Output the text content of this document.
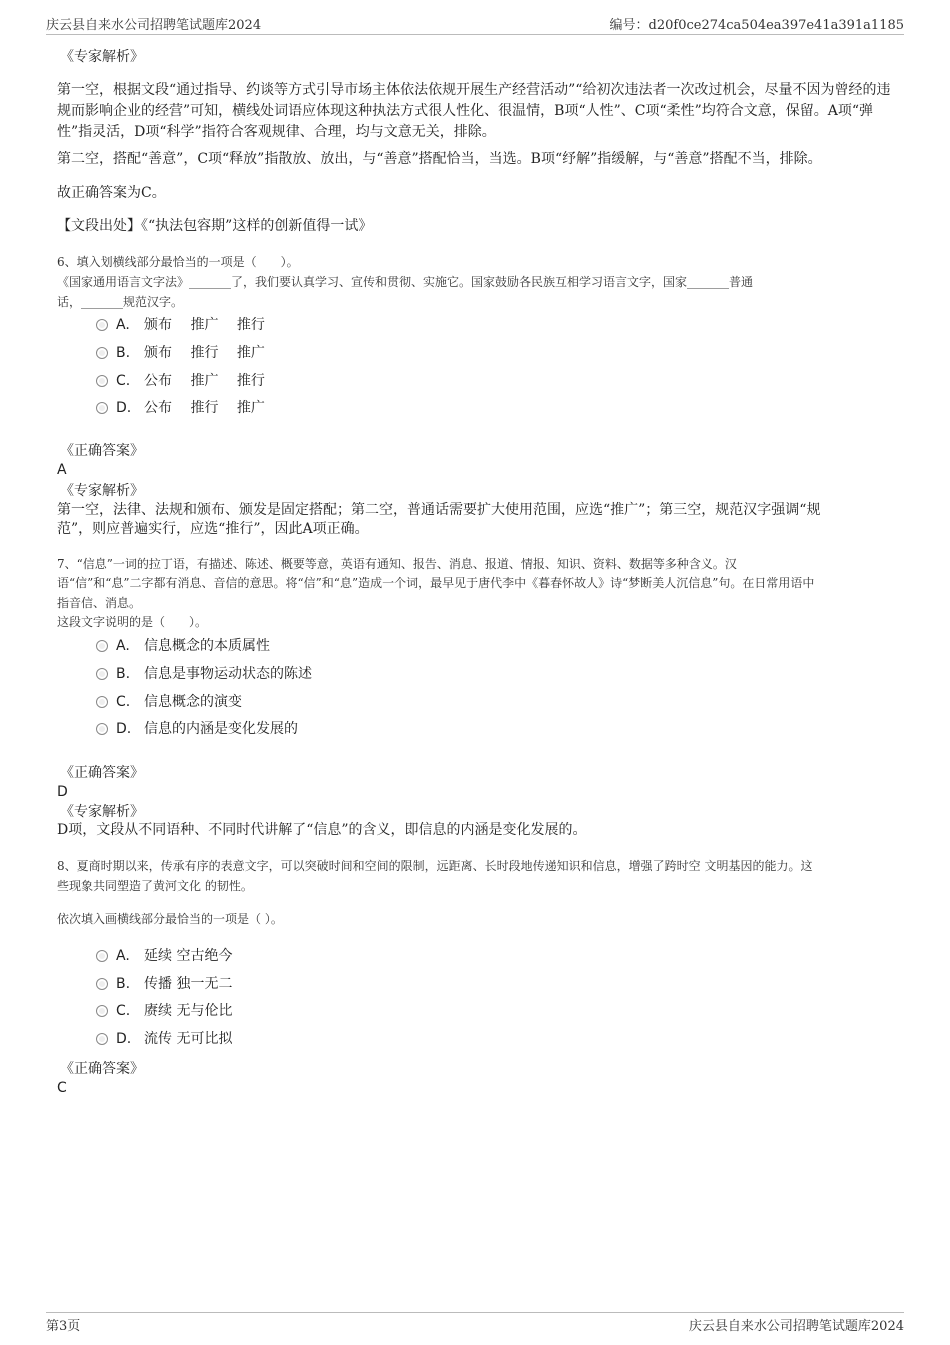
庆云县自来水公司招聘笔试题库2024	编号：d20f0ce274ca504ea397e41a391a1185
《专家解析》
第一空，根据文段“通过指导、约谈等方式引导市场主体依法依规开展生产经营活动”“给初次违法者一次改过机会，尽量不因为曾经的违规而影响企业的经营”可知，横线处词语应体现这种执法方式很人性化、很温情，B项“人性”、C项“柔性”均符合文意，保留。A项“弹性”指灵活，D项“科学”指符合客观规律、合理，均与文意无关，排除。
第二空，搭配“善意”，C项“释放”指散放、放出，与“善意”搭配恰当，当选。B项“纾解”指缓解，与“善意”搭配不当，排除。
故正确答案为C。
【文段出处】《“执法包容期”这样的创新值得一试》
6、填入划横线部分最恰当的一项是（　　）。
《国家通用语言文字法》_______了，我们要认真学习、宣传和贯彻、实施它。国家鼓励各民族互相学习语言文字，国家_______普通
话，_______规范汉字。
A. 颁布　 推广　 推行
B. 颁布　 推行　 推广
C. 公布　 推广　 推行
D. 公布　 推行　 推广
《正确答案》
A
《专家解析》
第一空，法律、法规和颁布、颁发是固定搭配；第二空，普通话需要扩大使用范围，应选“推广”；第三空，规范汉字强调“规
范”，则应普遍实行，应选“推行”，因此A项正确。
7、“信息”一词的拉丁语，有描述、陈述、概要等意，英语有通知、报告、消息、报道、情报、知识、资料、数据等多种含义。汉
语“信”和“息”二字都有消息、音信的意思。将“信”和“息”造成一个词，最早见于唐代李中《暮春怀故人》诗“梦断美人沉信息”句。在日常用语中
指音信、消息。
这段文字说明的是（　　）。
A. 信息概念的本质属性
B. 信息是事物运动状态的陈述
C. 信息概念的演变
D. 信息的内涵是变化发展的
《正确答案》
D
《专家解析》
D项，文段从不同语种、不同时代讲解了“信息”的含义，即信息的内涵是变化发展的。
8、夏商时期以来，传承有序的表意文字，可以突破时间和空间的限制，远距离、长时段地传递知识和信息，增强了跨时空 文明基因的能力。这
些现象共同塑造了黄河文化 的韧性。
依次填入画横线部分最恰当的一项是（ ）。
A. 延续 空古绝今
B. 传播 独一无二
C. 赓续 无与伦比
D. 流传 无可比拟
《正确答案》
C
第3页	庆云县自来水公司招聘笔试题库2024
